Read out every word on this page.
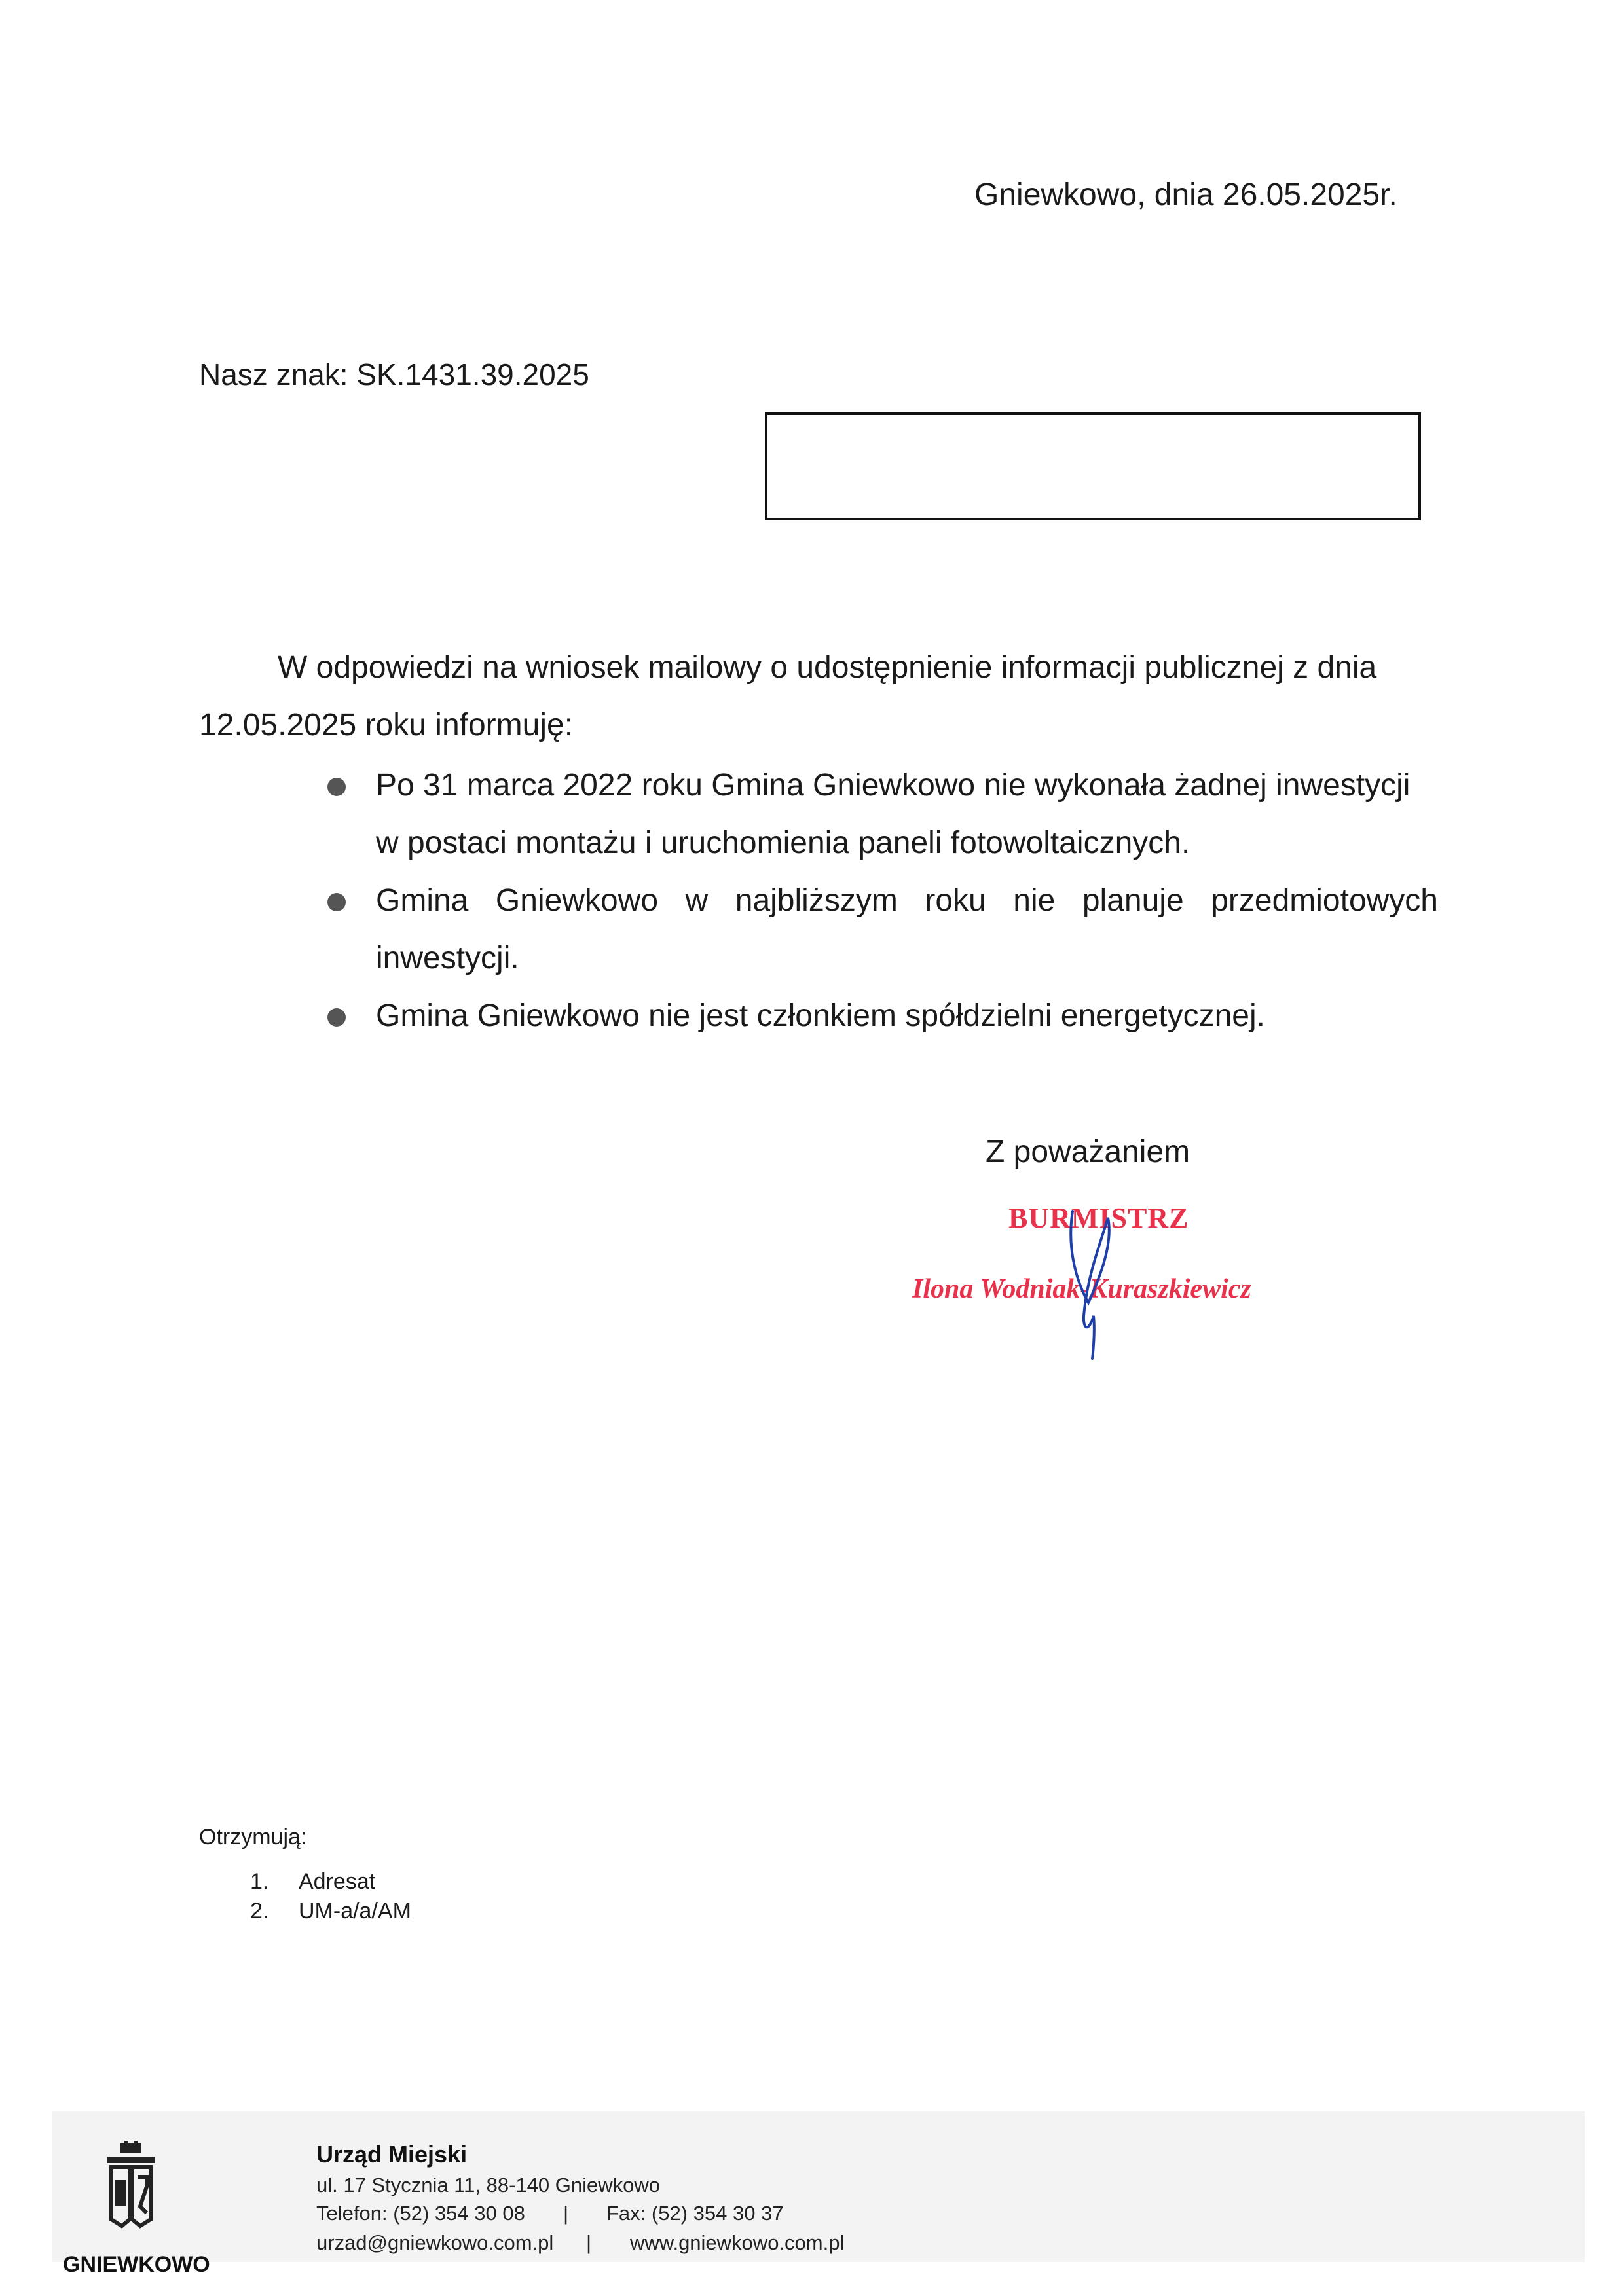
Gniewkowo, dnia 26.05.2025r.
Nasz znak: SK.1431.39.2025
W odpowiedzi na wniosek mailowy o udostępnienie informacji publicznej z dnia
12.05.2025 roku informuję:
Po 31 marca 2022 roku Gmina Gniewkowo nie wykonała żadnej inwestycji
w postaci montażu i uruchomienia paneli fotowoltaicznych.
Gmina Gniewkowo w najbliższym roku nie planuje przedmiotowych
inwestycji.
Gmina Gniewkowo nie jest członkiem spółdzielni energetycznej.
Z poważaniem
BURMISTRZ
Ilona Wodniak-Kuraszkiewicz
Otrzymują:
1. Adresat
2. UM-a/a/AM
GNIEWKOWO
Urząd Miejski
ul. 17 Stycznia 11, 88-140 Gniewkowo
Telefon: (52) 354 30 08 | Fax: (52) 354 30 37
urzad@gniewkowo.com.pl | www.gniewkowo.com.pl
